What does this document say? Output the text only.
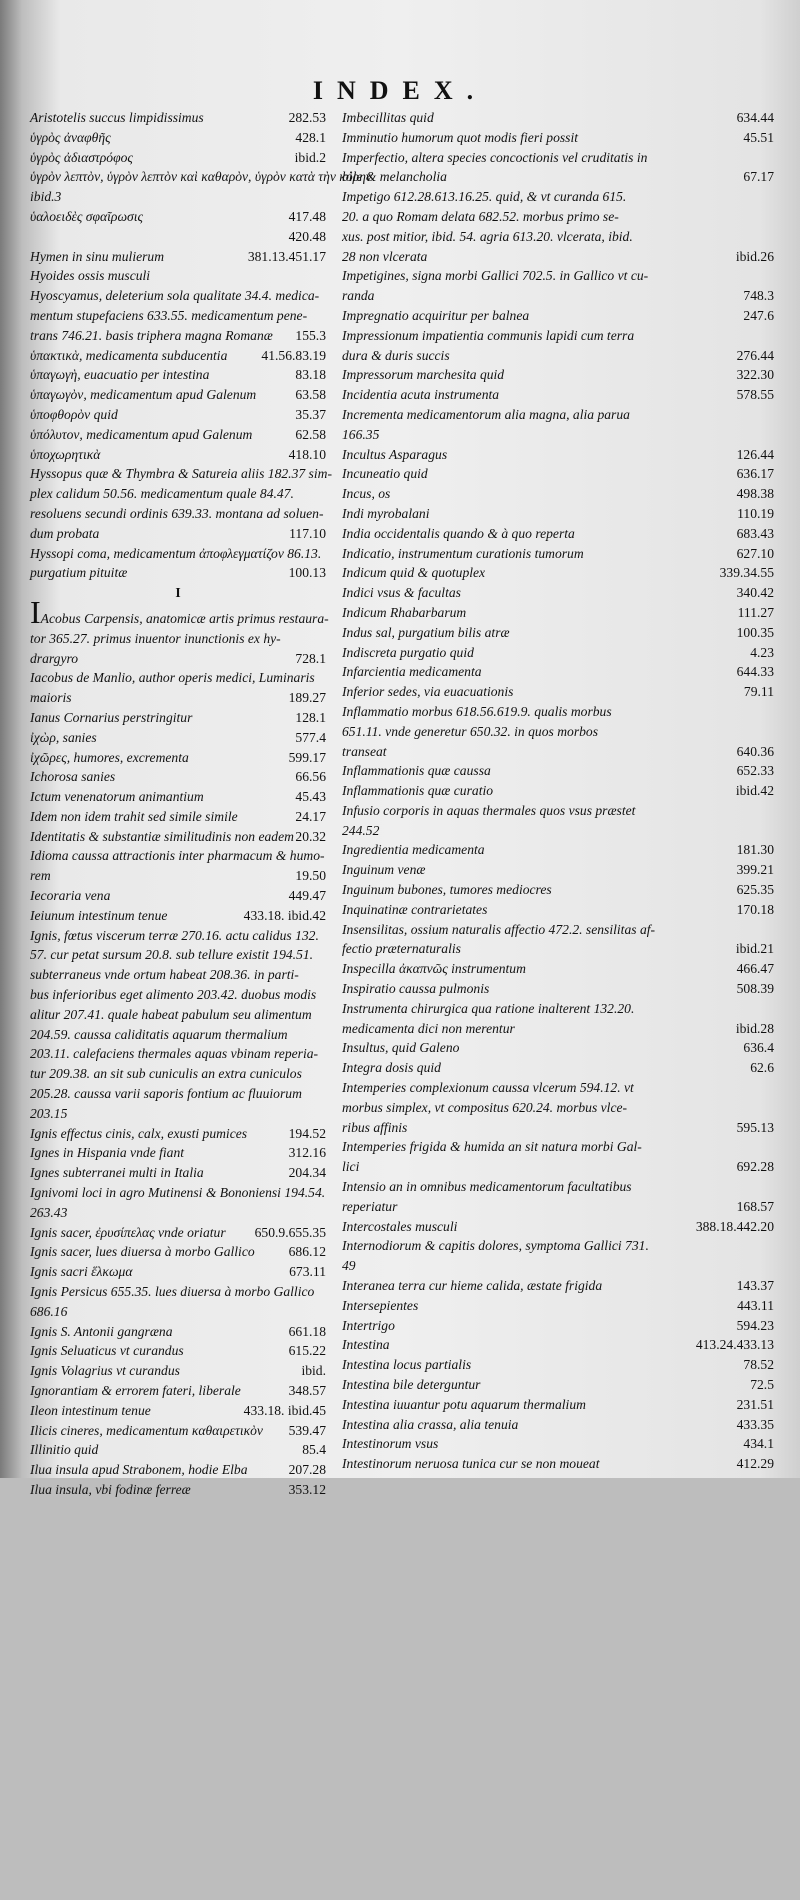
INDEX.
Aristotelis succus limpidissimus	282.53
ὑγρὸς ἀναφθῆς	428.1
ὑγρὸς ἀδιαστρόφος	ibid.2
ὑγρὸν λεπτὸν, ὑγρὸν λεπτὸν καὶ καθαρὸν, ὑγρὸν κατὰ τὴν κόρην
ibid.3
ὑαλοειδὲς σφαῖρωσις	417.48
420.48
Hymen in sinu mulierum	381.13.451.17
Hyoides ossis musculi
Hyoscyamus, deleterium sola qualitate 34.4. medica-
mentum stupefaciens 633.55. medicamentum pene-
trans 746.21. basis triphera magna Romanæ 155.3
ὑπακτικὰ, medicamenta subducentia	41.56.83.19
ὑπαγωγὴ, euacuatio per intestina	83.18
ὑπαγωγὸν, medicamentum apud Galenum	63.58
ὑποφθορὸν quid	35.37
ὑπόλυτον, medicamentum apud Galenum	62.58
ὑποχωρητικὰ	418.10
Hyssopus quæ & Thymbra & Satureia aliis 182.37 sim-
plex calidum 50.56. medicamentum quale 84.47.
resoluens secundi ordinis 639.33. montana ad soluen-
dum probata	117.10
Hyssopi coma, medicamentum ἀποφλεγματίζον 86.13.
purgatium pituitæ	100.13
I
IAcobus Carpensis, anatomicæ artis primus restaura-
tor 365.27. primus inuentor inunctionis ex hy-
drargyro	728.1
Iacobus de Manlio, author operis medici, Luminaris
maioris	189.27
Ianus Cornarius perstringitur	128.1
ἰχὼρ, sanies	577.4
ἰχῶρες, humores, excrementa	599.17
Ichorosa sanies	66.56
Ictum venenatorum animantium	45.43
Idem non idem trahit sed simile simile	24.17
Identitatis & substantiæ similitudinis non eadem 20.32
Idioma caussa attractionis inter pharmacum & humo-
rem	19.50
Iecoraria vena	449.47
Ieiunum intestinum tenue	433.18. ibid.42
Ignis, fœtus viscerum terræ 270.16. actu calidus 132.
57. cur petat sursum 20.8. sub tellure existit 194.51.
subterraneus vnde ortum habeat 208.36. in parti-
bus inferioribus eget alimento 203.42. duobus modis
alitur 207.41. quale habeat pabulum seu alimentum
204.59. caussa caliditatis aquarum thermalium
203.11. calefaciens thermales aquas vbinam reperia-
tur 209.38. an sit sub cuniculis an extra cuniculos
205.28. caussa varii saporis fontium ac fluuiorum
203.15
Ignis effectus cinis, calx, exusti pumices	194.52
Ignes in Hispania vnde fiant	312.16
Ignes subterranei multi in Italia	204.34
Ignivomi loci in agro Mutinensi & Bononiensi 194.54.
263.43
Ignis sacer, ἐρυσίπελας vnde oriatur 650.9.655.35
Ignis sacer, lues diuersa à morbo Gallico 686.12
Ignis sacri ἕλκωμα	673.11
Ignis Persicus 655.35. lues diuersa à morbo Gallico
686.16
Ignis S. Antonii gangræna	661.18
Ignis Seluaticus vt curandus	615.22
Ignis Volagrius vt curandus	ibid.
Ignorantiam & errorem fateri, liberale	348.57
Ileon intestinum tenue	433.18. ibid.45
Ilicis cineres, medicamentum καθαιρετικὸν 539.47
Illinitio quid	85.4
Ilua insula apud Strabonem, hodie Elba	207.28
Ilua insula, vbi fodinæ ferreæ	353.12
Imbecillitas quid	634.44
Imminutio humorum quot modis fieri possit	45.51
Imperfectio, altera species concoctionis vel cruditatis in
bile & melancholia	67.17
Impetigo 612.28.613.16.25. quid, & vt curanda 615.
20. a quo Romam delata 682.52. morbus primo se-
xus. post mitior, ibid. 54. agria 613.20. vlcerata, ibid.
28 non vlcerata	ibid.26
Impetigines, signa morbi Gallici 702.5. in Gallico vt cu-
randa	748.3
Impregnatio acquiritur per balnea	247.6
Impressionum impatientia communis lapidi cum terra
dura & duris succis	276.44
Impressorum marchesita quid	322.30
Incidentia acuta instrumenta	578.55
Incrementa medicamentorum alia magna, alia parua
166.35
Incultus Asparagus	126.44
Incuneatio quid	636.17
Incus, os	498.38
Indi myrobalani	110.19
India occidentalis quando & à quo reperta	683.43
Indicatio, instrumentum curationis tumorum	627.10
Indicum quid & quotuplex	339.34.55
Indici vsus & facultas	340.42
Indicum Rhabarbarum	111.27
Indus sal, purgatium bilis atræ	100.35
Indiscreta purgatio quid	4.23
Infarcientia medicamenta	644.33
Inferior sedes, via euacuationis	79.11
Inflammatio morbus 618.56.619.9. qualis morbus
651.11. vnde generetur 650.32. in quos morbos
transeat	640.36
Inflammationis quæ caussa	652.33
Inflammationis quæ curatio	ibid.42
Infusio corporis in aquas thermales quos vsus præstet
244.52
Ingredientia medicamenta	181.30
Inguinum venæ	399.21
Inguinum bubones, tumores mediocres	625.35
Inquinatinæ contrarietates	170.18
Insensilitas, ossium naturalis affectio 472.2. sensilitas af-
fectio præternaturalis	ibid.21
Inspecilla ἀκαπνῶς instrumentum	466.47
Inspiratio caussa pulmonis	508.39
Instrumenta chirurgica qua ratione inalterent 132.20.
medicamenta dici non merentur	ibid.28
Insultus, quid Galeno	636.4
Integra dosis quid	62.6
Intemperies complexionum caussa vlcerum 594.12. vt
morbus simplex, vt compositus 620.24. morbus vlce-
ribus affinis	595.13
Intemperies frigida & humida an sit natura morbi Gal-
lici	692.28
Intensio an in omnibus medicamentorum facultatibus
reperiatur	168.57
Intercostales musculi	388.18.442.20
Internodiorum & capitis dolores, symptoma Gallici 731.
49
Interanea terra cur hieme calida, æstate frigida	143.37
Intersepientes	443.11
Intertrigo	594.23
Intestina	413.24.433.13
Intestina locus partialis	78.52
Intestina bile deterguntur	72.5
Intestina iuuantur potu aquarum thermalium	231.51
Intestina alia crassa, alia tenuia	433.35
Intestinorum vsus	434.1
Intestinorum neruosa tunica cur se non moueat	412.29
